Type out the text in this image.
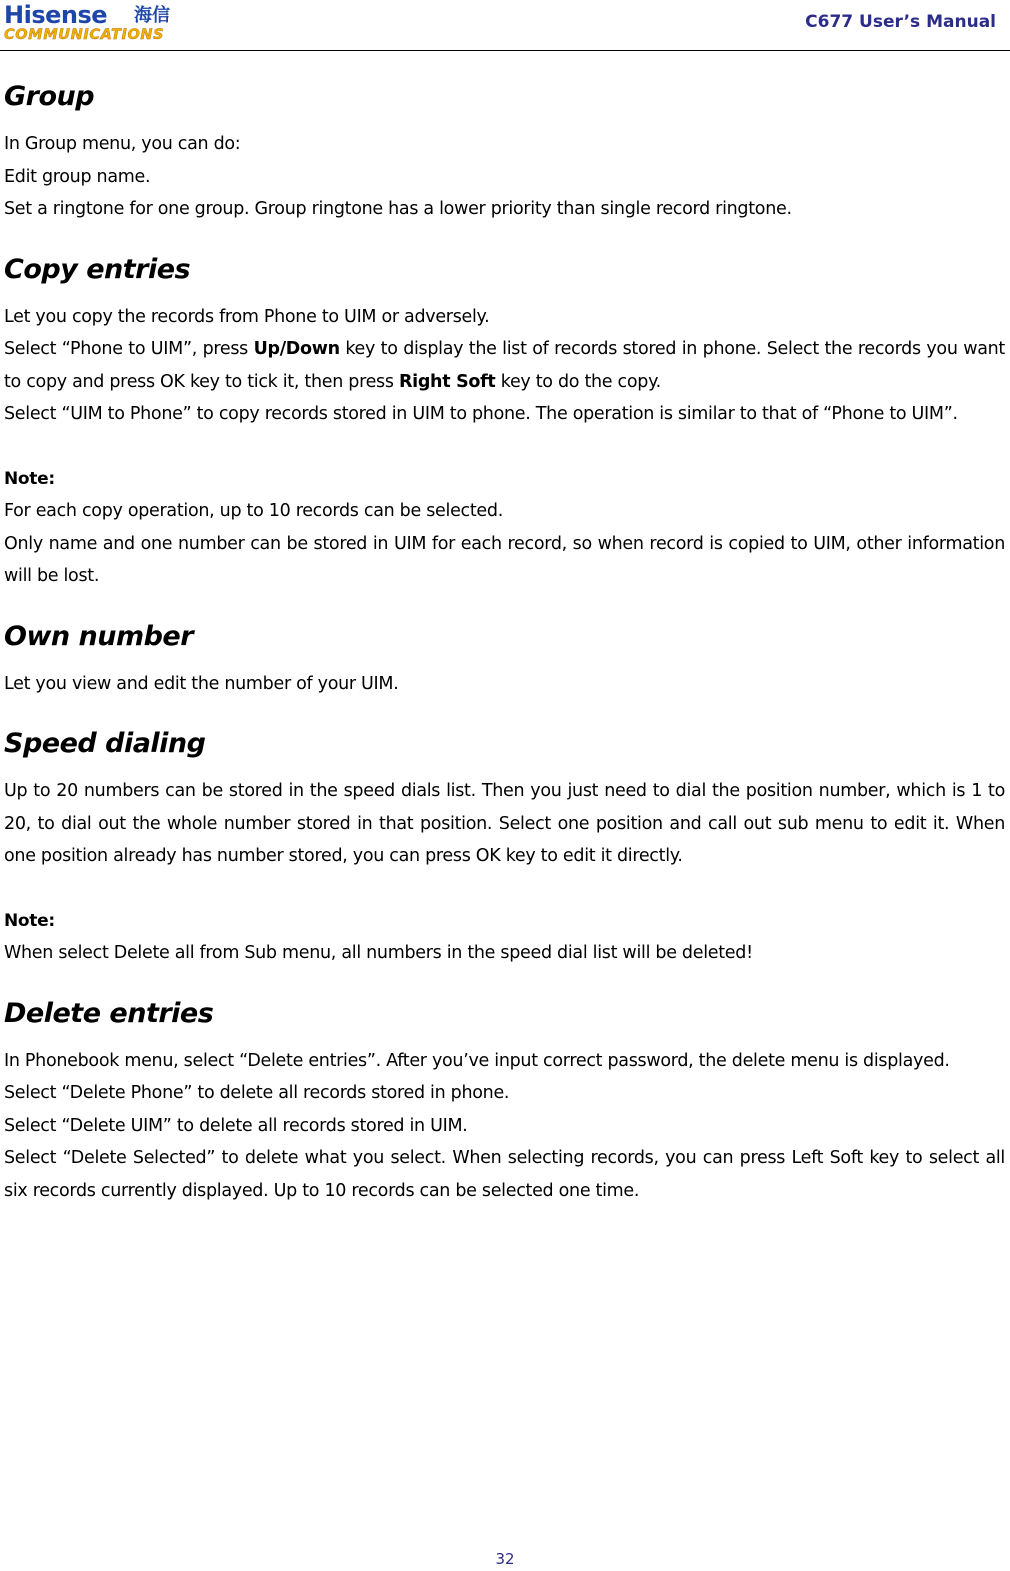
Hisense 海信
COMMUNICATIONS
C677 User’s Manual
Group

In Group menu, you can do:

Edit group name.

Set a ringtone for one group. Group ringtone has a lower priority than single record ringtone.

Copy entries

Let you copy the records from Phone to UIM or adversely.

Select “Phone to UIM”, press Up/Down key to display the list of records stored in phone. Select the records you want to copy and press OK key to tick it, then press Right Soft key to do the copy.

Select “UIM to Phone” to copy records stored in UIM to phone. The operation is similar to that of “Phone to UIM”.

Note:

For each copy operation, up to 10 records can be selected.

Only name and one number can be stored in UIM for each record, so when record is copied to UIM, other information will be lost.

Own number

Let you view and edit the number of your UIM.

Speed dialing

Up to 20 numbers can be stored in the speed dials list. Then you just need to dial the position number, which is 1 to 20, to dial out the whole number stored in that position. Select one position and call out sub menu to edit it. When one position already has number stored, you can press OK key to edit it directly.

Note:

When select Delete all from Sub menu, all numbers in the speed dial list will be deleted!

Delete entries

In Phonebook menu, select “Delete entries”. After you’ve input correct password, the delete menu is displayed.

Select “Delete Phone” to delete all records stored in phone.

Select “Delete UIM” to delete all records stored in UIM.

Select “Delete Selected” to delete what you select. When selecting records, you can press Left Soft key to select all six records currently displayed. Up to 10 records can be selected one time.

32
